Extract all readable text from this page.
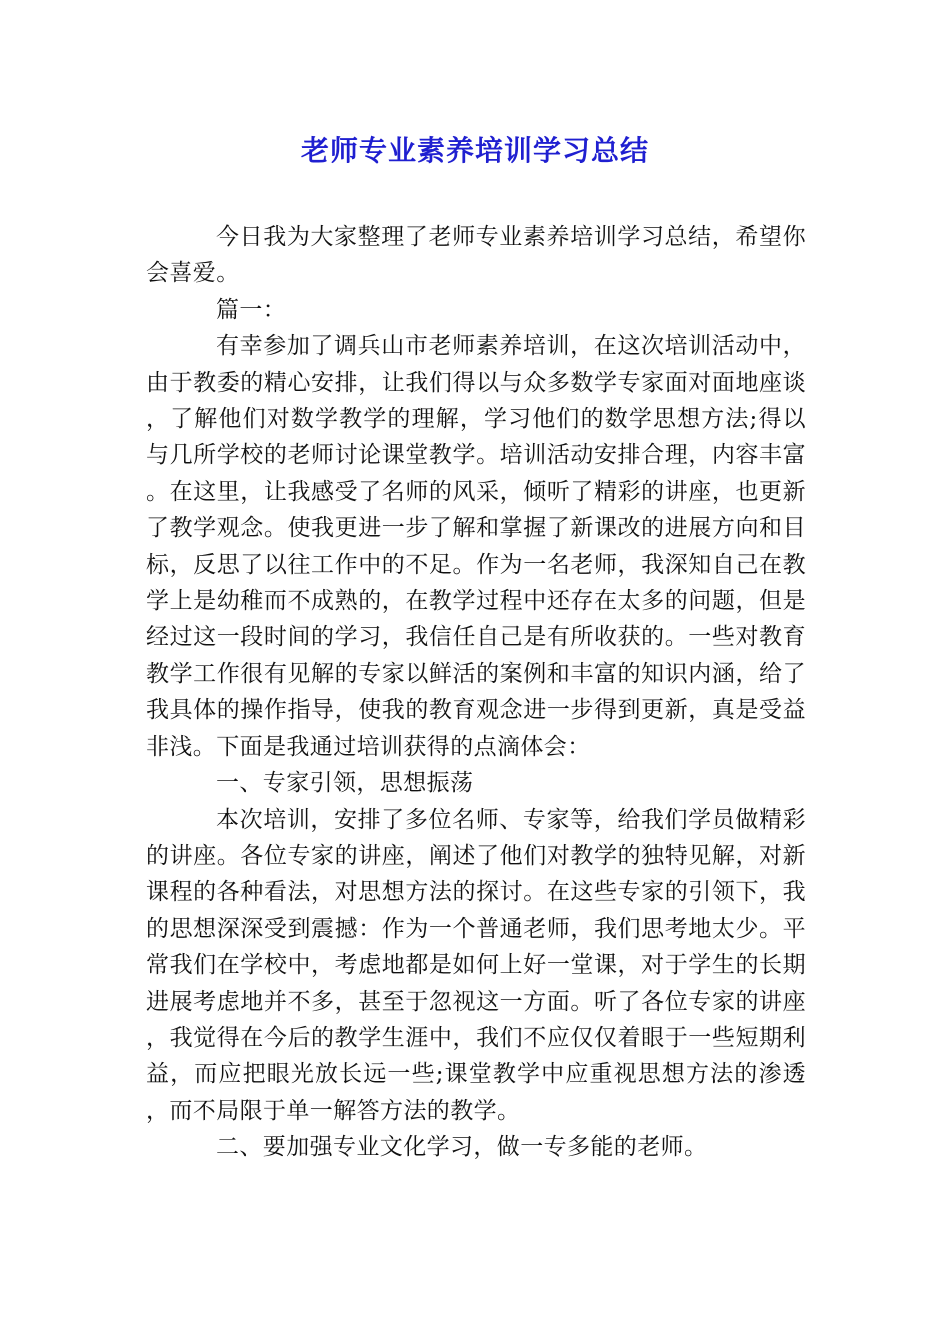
老师专业素养培训学习总结

今日我为大家整理了老师专业素养培训学习总结，希望你会喜爱。

篇一：

有幸参加了调兵山市老师素养培训，在这次培训活动中，由于教委的精心安排，让我们得以与众多数学专家面对面地座谈，了解他们对数学教学的理解，学习他们的数学思想方法;得以与几所学校的老师讨论课堂教学。培训活动安排合理，内容丰富。在这里，让我感受了名师的风采，倾听了精彩的讲座，也更新了教学观念。使我更进一步了解和掌握了新课改的进展方向和目标，反思了以往工作中的不足。作为一名老师，我深知自己在教学上是幼稚而不成熟的，在教学过程中还存在太多的问题，但是经过这一段时间的学习，我信任自己是有所收获的。一些对教育教学工作很有见解的专家以鲜活的案例和丰富的知识内涵，给了我具体的操作指导，使我的教育观念进一步得到更新，真是受益非浅。下面是我通过培训获得的点滴体会：

一、专家引领，思想振荡

本次培训，安排了多位名师、专家等，给我们学员做精彩的讲座。各位专家的讲座，阐述了他们对教学的独特见解，对新课程的各种看法，对思想方法的探讨。在这些专家的引领下，我的思想深深受到震撼：作为一个普通老师，我们思考地太少。平常我们在学校中，考虑地都是如何上好一堂课，对于学生的长期进展考虑地并不多，甚至于忽视这一方面。听了各位专家的讲座，我觉得在今后的教学生涯中，我们不应仅仅着眼于一些短期利益，而应把眼光放长远一些;课堂教学中应重视思想方法的渗透，而不局限于单一解答方法的教学。

二、要加强专业文化学习，做一专多能的老师。
